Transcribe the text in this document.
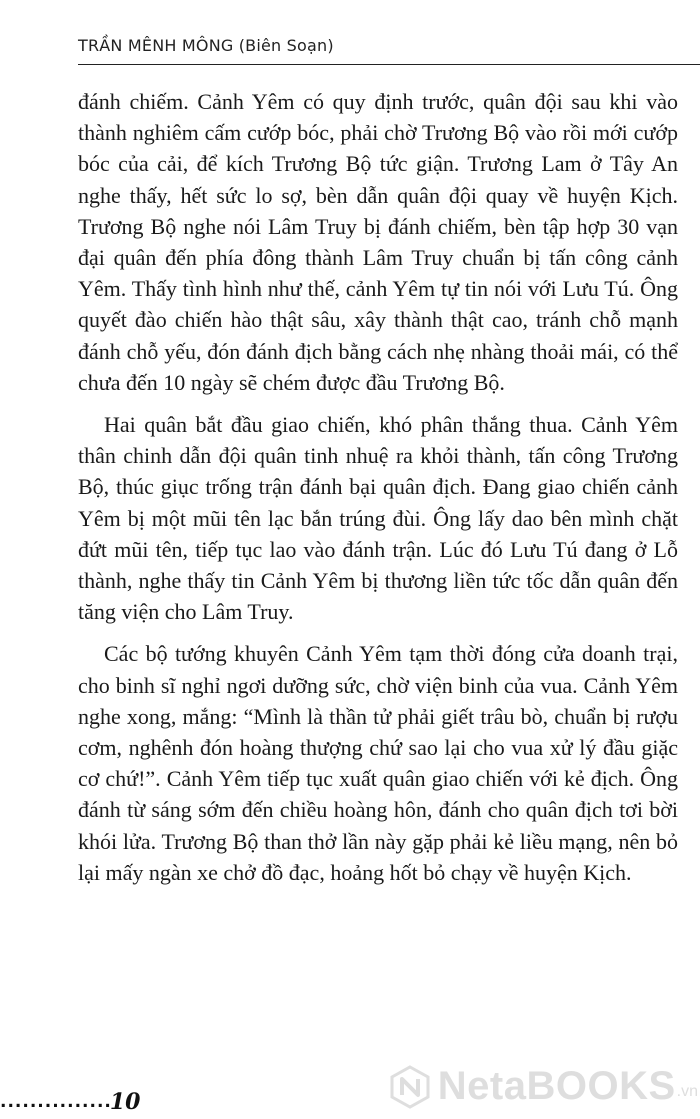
TRẦN MÊNH MÔNG (Biên Soạn)

đánh chiếm. Cảnh Yêm có quy định trước, quân đội sau khi vào thành nghiêm cấm cướp bóc, phải chờ Trương Bộ vào rồi mới cướp bóc của cải, để kích Trương Bộ tức giận. Trương Lam ở Tây An nghe thấy, hết sức lo sợ, bèn dẫn quân đội quay về huyện Kịch. Trương Bộ nghe nói Lâm Truy bị đánh chiếm, bèn tập hợp 30 vạn đại quân đến phía đông thành Lâm Truy chuẩn bị tấn công cảnh Yêm. Thấy tình hình như thế, cảnh Yêm tự tin nói với Lưu Tú. Ông quyết đào chiến hào thật sâu, xây thành thật cao, tránh chỗ mạnh đánh chỗ yếu, đón đánh địch bằng cách nhẹ nhàng thoải mái, có thể chưa đến 10 ngày sẽ chém được đầu Trương Bộ.

Hai quân bắt đầu giao chiến, khó phân thắng thua. Cảnh Yêm thân chinh dẫn đội quân tinh nhuệ ra khỏi thành, tấn công Trương Bộ, thúc giục trống trận đánh bại quân địch. Đang giao chiến cảnh Yêm bị một mũi tên lạc bắn trúng đùi. Ông lấy dao bên mình chặt đứt mũi tên, tiếp tục lao vào đánh trận. Lúc đó Lưu Tú đang ở Lỗ thành, nghe thấy tin Cảnh Yêm bị thương liền tức tốc dẫn quân đến tăng viện cho Lâm Truy.

Các bộ tướng khuyên Cảnh Yêm tạm thời đóng cửa doanh trại, cho binh sĩ nghỉ ngơi dưỡng sức, chờ viện binh của vua. Cảnh Yêm nghe xong, mắng: “Mình là thần tử phải giết trâu bò, chuẩn bị rượu cơm, nghênh đón hoàng thượng chứ sao lại cho vua xử lý đầu giặc cơ chứ!”. Cảnh Yêm tiếp tục xuất quân giao chiến với kẻ địch. Ông đánh từ sáng sớm đến chiều hoàng hôn, đánh cho quân địch tơi bời khói lửa. Trương Bộ than thở lần này gặp phải kẻ liều mạng, nên bỏ lại mấy ngàn xe chở đồ đạc, hoảng hốt bỏ chạy về huyện Kịch.

...............
10	NetaBOOKS .vn
